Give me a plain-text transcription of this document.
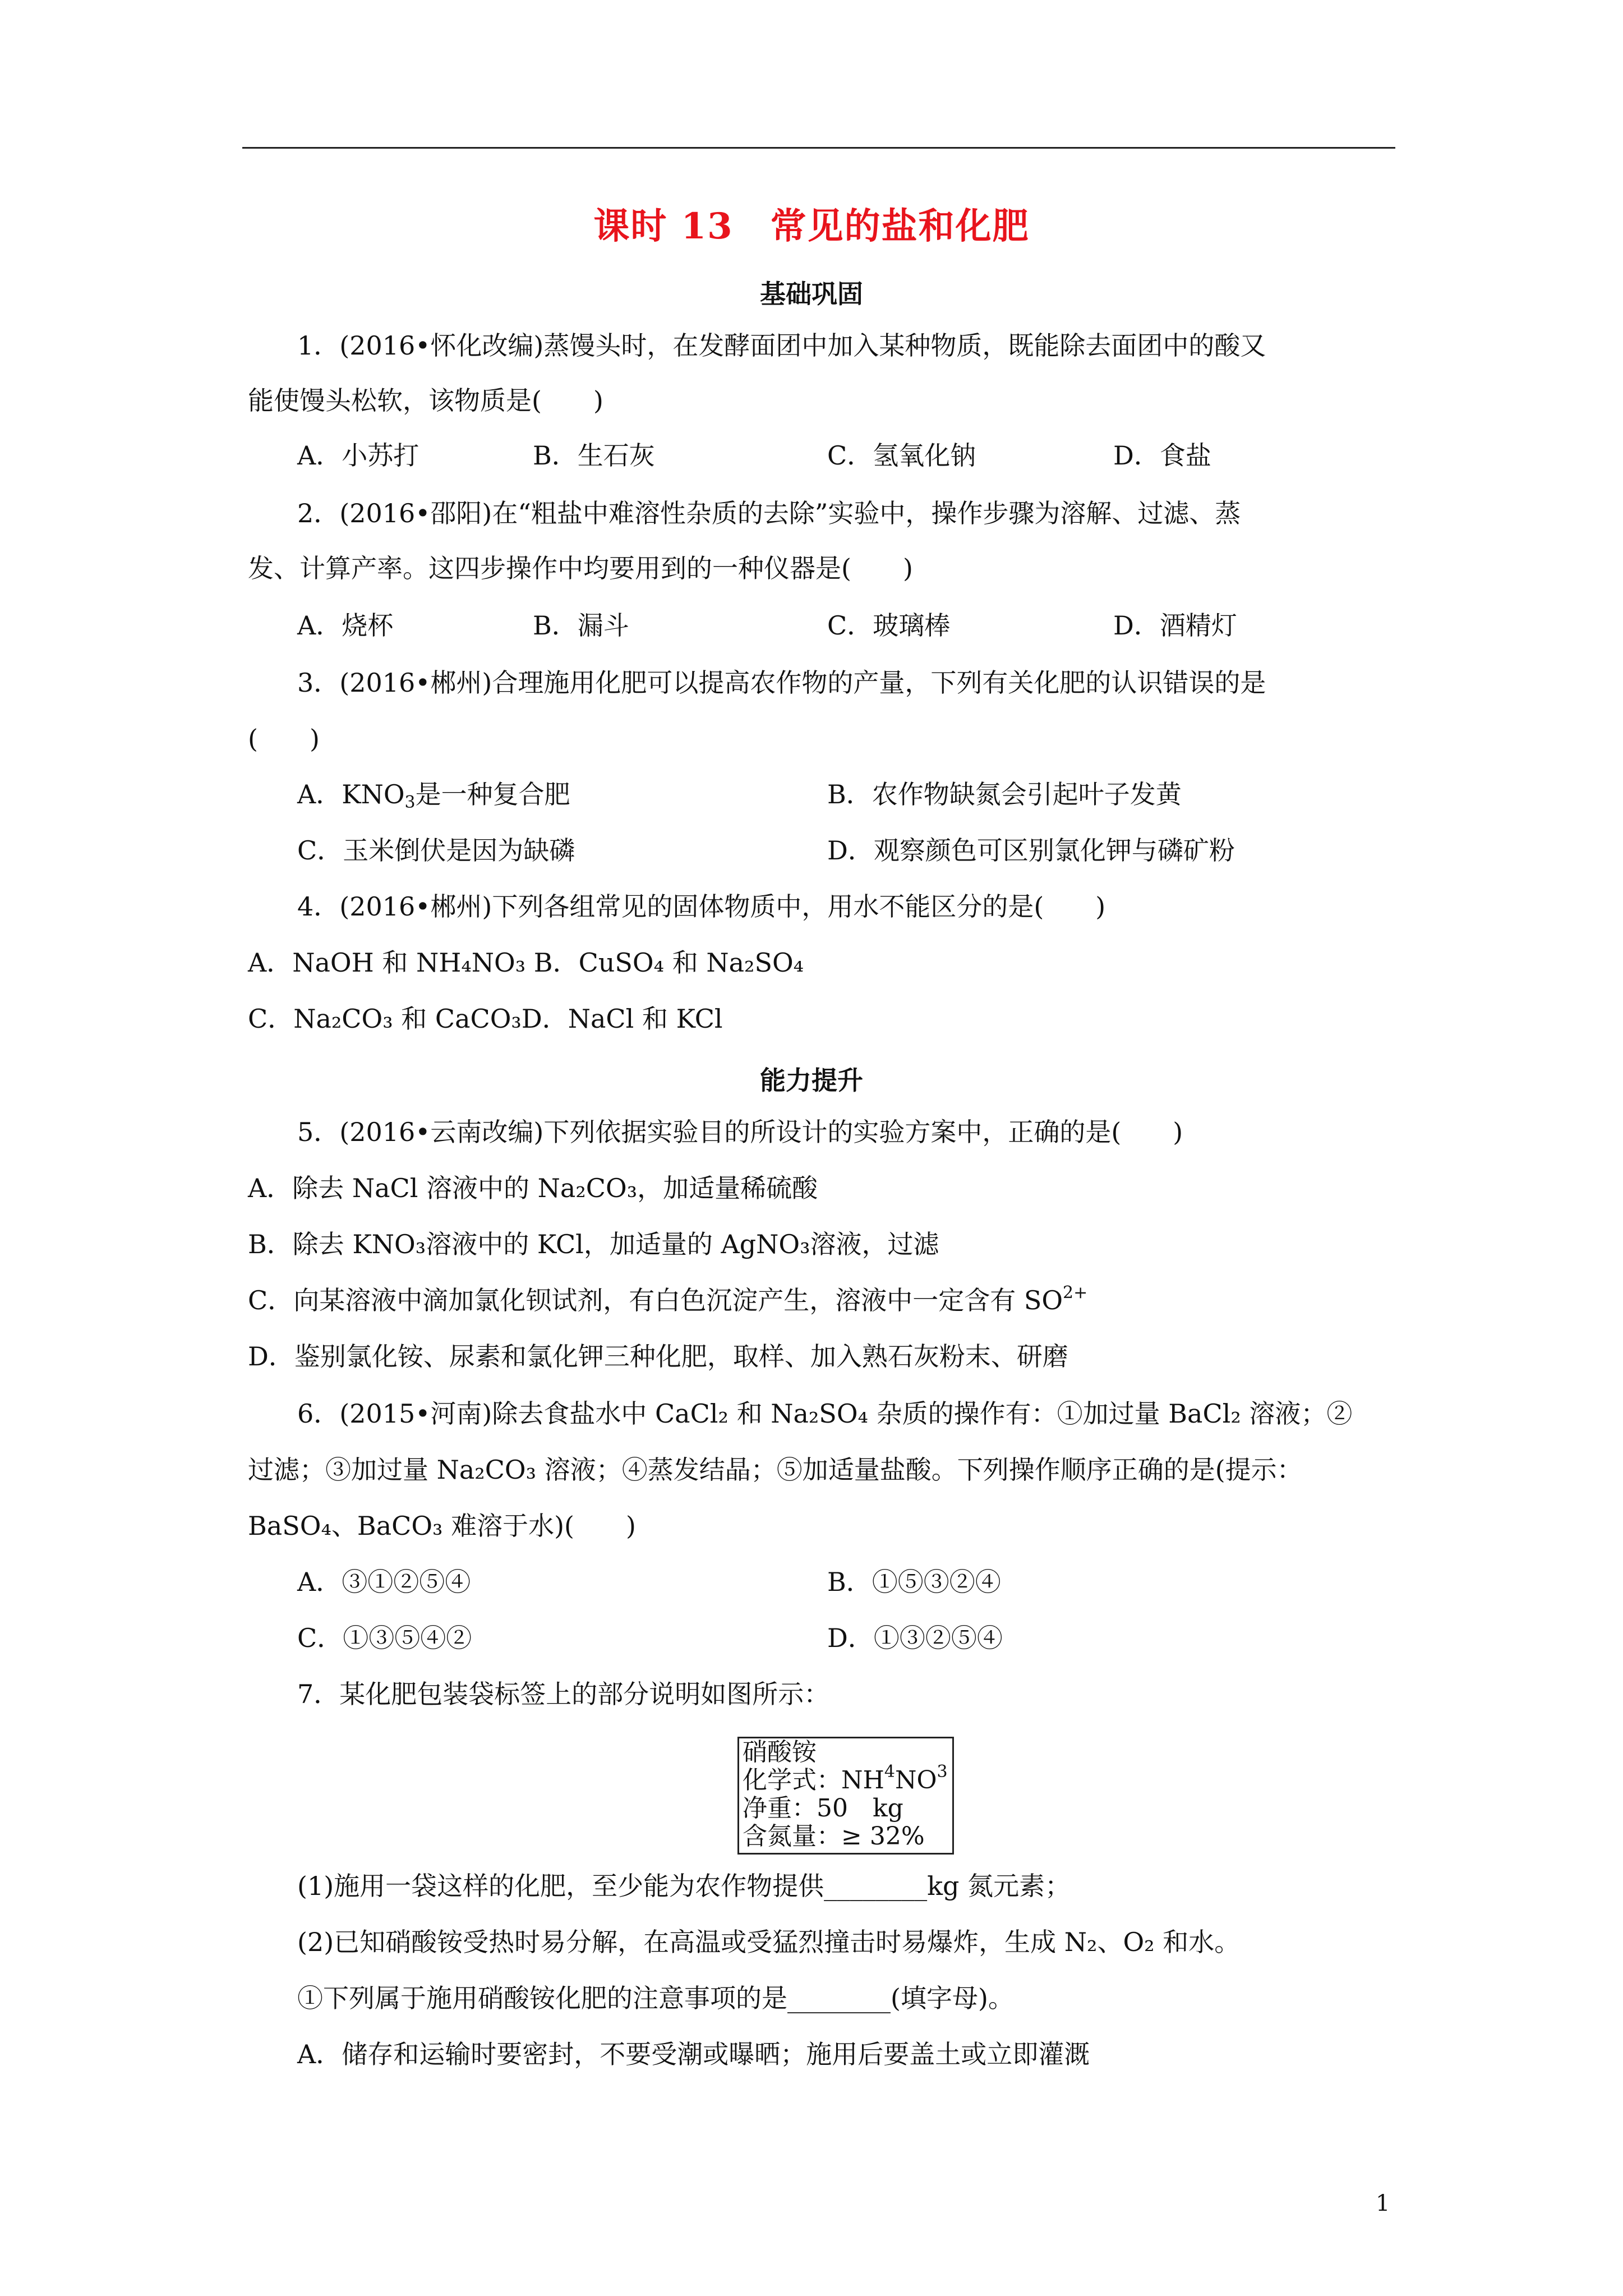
课时 13　常见的盐和化肥
基础巩固
1．(2016•怀化改编)蒸馒头时，在发酵面团中加入某种物质，既能除去面团中的酸又
能使馒头松软，该物质是(　　)
A．小苏打	B．生石灰	C．氢氧化钠	D．食盐
2．(2016•邵阳)在“粗盐中难溶性杂质的去除”实验中，操作步骤为溶解、过滤、蒸
发、计算产率。这四步操作中均要用到的一种仪器是(　　)
A．烧杯	B．漏斗	C．玻璃棒	D．酒精灯
3．(2016•郴州)合理施用化肥可以提高农作物的产量，下列有关化肥的认识错误的是
(　　)
A．$KNO_3$是一种复合肥	B．农作物缺氮会引起叶子发黄
C．玉米倒伏是因为缺磷	D．观察颜色可区别氯化钾与磷矿粉
4．(2016•郴州)下列各组常见的固体物质中，用水不能区分的是(　　)
A．NaOH 和 NH₄NO₃ B．CuSO₄ 和 Na₂SO₄
C．Na₂CO₃ 和 CaCO₃D．NaCl 和 KCl
能力提升
5．(2016•云南改编)下列依据实验目的所设计的实验方案中，正确的是(　　)
A．除去 NaCl 溶液中的 Na₂CO₃，加适量稀硫酸
B．除去 KNO₃溶液中的 KCl，加适量的 AgNO₃溶液，过滤
C．向某溶液中滴加氯化钡试剂，有白色沉淀产生，溶液中一定含有 $SO^{2+}$
D．鉴别氯化铵、尿素和氯化钾三种化肥，取样、加入熟石灰粉末、研磨
6．(2015•河南)除去食盐水中 CaCl₂ 和 Na₂SO₄ 杂质的操作有：①加过量 BaCl₂ 溶液；②
过滤；③加过量 Na₂CO₃ 溶液；④蒸发结晶；⑤加适量盐酸。下列操作顺序正确的是(提示：
BaSO₄、BaCO₃ 难溶于水)(　　)
A．③①②⑤④	B．①⑤③②④
C．①③⑤④②	D．①③②⑤④
7．某化肥包装袋标签上的部分说明如图所示：
硝酸铵
化学式：$NH^4NO^3$
净重：50　kg
含氮量：≥ 32%
(1)施用一袋这样的化肥，至少能为农作物提供________kg 氮元素；
(2)已知硝酸铵受热时易分解，在高温或受猛烈撞击时易爆炸，生成 N₂、O₂ 和水。
①下列属于施用硝酸铵化肥的注意事项的是________(填字母)。
A．储存和运输时要密封，不要受潮或曝晒；施用后要盖土或立即灌溉
1
